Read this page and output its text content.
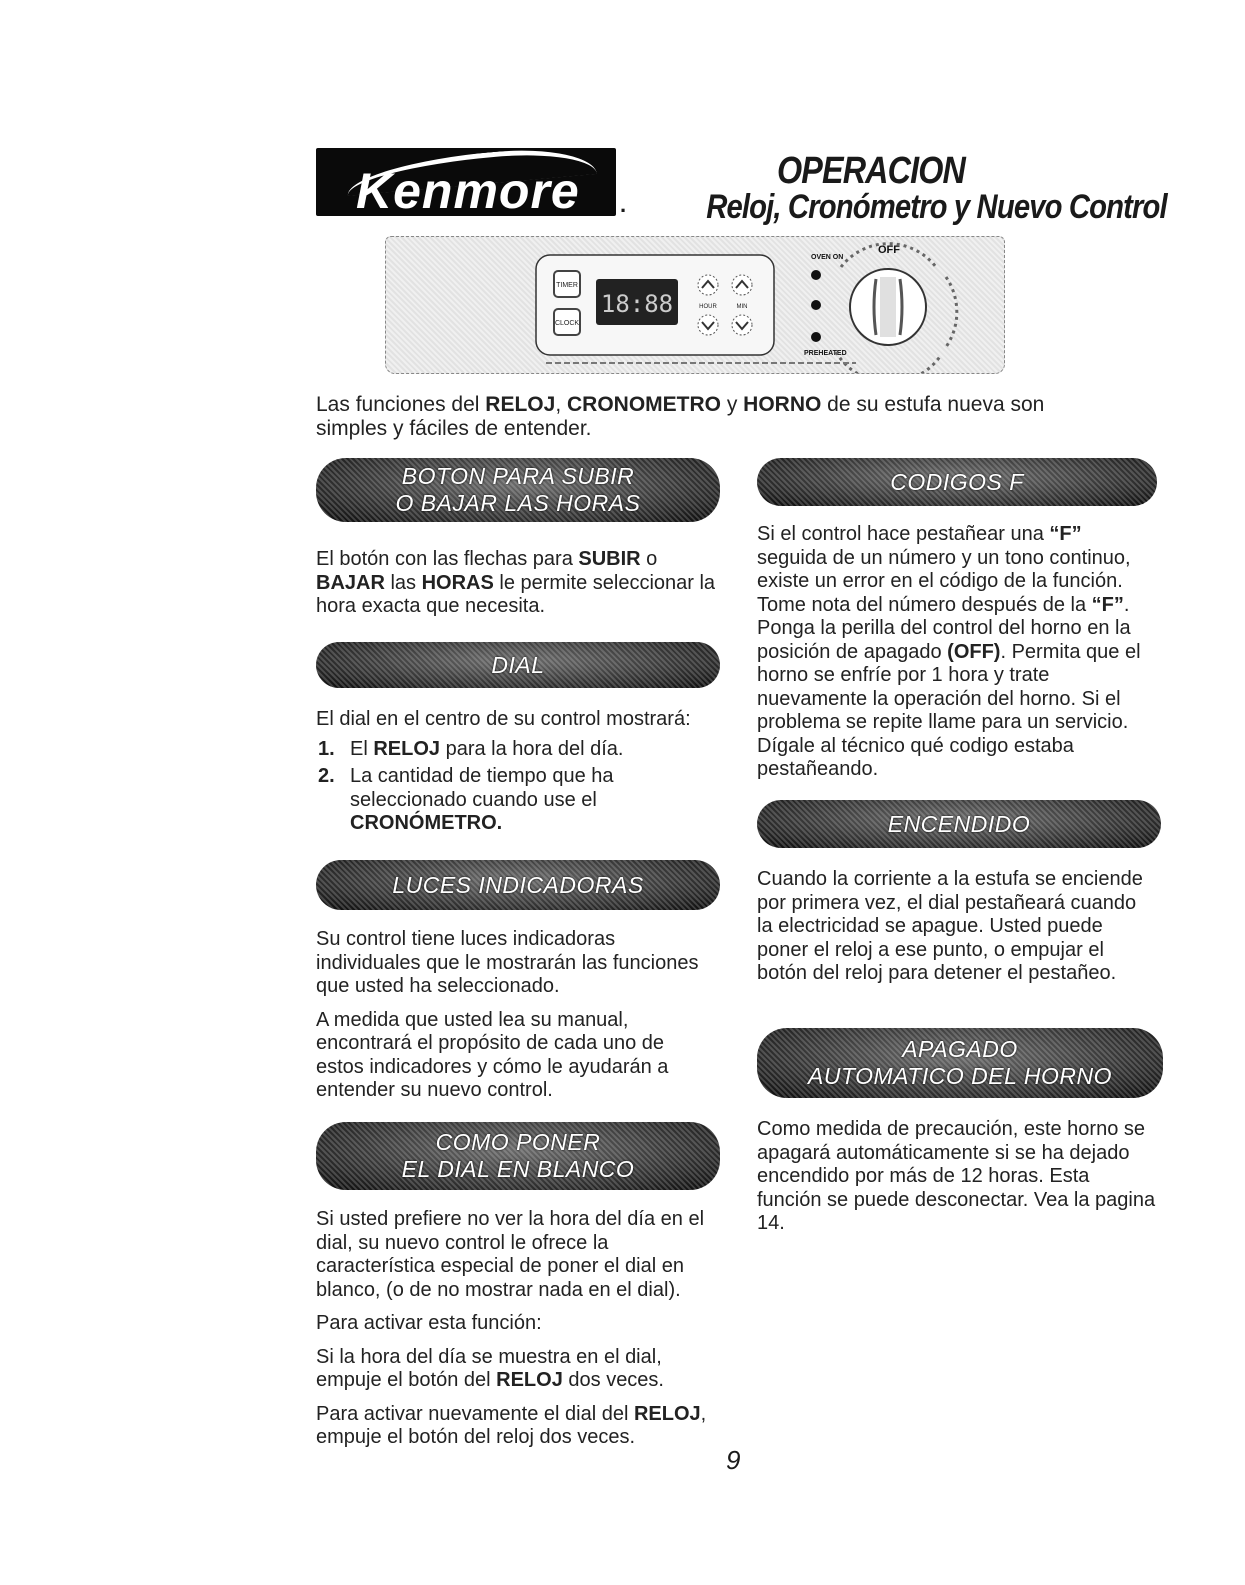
Kenmore .
OPERACION
Reloj, Cronómetro y Nuevo Control
TIMER
CLOCK
18:88	HOUR	MIN
OVEN ON
PREHEATED
OFF
Las funciones del RELOJ, CRONOMETRO y HORNO de su estufa nueva son simples y fáciles de entender.
BOTON PARA SUBIR
O BAJAR LAS HORAS
El botón con las flechas para SUBIR o BAJAR las HORAS le permite seleccionar la hora exacta que necesita.
DIAL
El dial en el centro de su control mostrará:
1. El RELOJ para la hora del día.
2. La cantidad de tiempo que ha seleccionado cuando use el CRONÓMETRO.
LUCES INDICADORAS
Su control tiene luces indicadoras individuales que le mostrarán las funciones que usted ha seleccionado.
A medida que usted lea su manual, encontrará el propósito de cada uno de estos indicadores y cómo le ayudarán a entender su nuevo control.
COMO PONER
EL DIAL EN BLANCO
Si usted prefiere no ver la hora del día en el dial, su nuevo control le ofrece la característica especial de poner el dial en blanco, (o de no mostrar nada en el dial).
Para activar esta función:
Si la hora del día se muestra en el dial, empuje el botón del RELOJ dos veces.
Para activar nuevamente el dial del RELOJ, empuje el botón del reloj dos veces.
CODIGOS F
Si el control hace pestañear una “F” seguida de un número y un tono continuo, existe un error en el código de la función. Tome nota del número después de la “F”. Ponga la perilla del control del horno en la posición de apagado (OFF). Permita que el horno se enfríe por 1 hora y trate nuevamente la operación del horno. Si el problema se repite llame para un servicio. Dígale al técnico qué codigo estaba pestañeando.
ENCENDIDO
Cuando la corriente a la estufa se enciende por primera vez, el dial pestañeará cuando la electricidad se apague. Usted puede poner el reloj a ese punto, o empujar el botón del reloj para detener el pestañeo.
APAGADO
AUTOMATICO DEL HORNO
Como medida de precaución, este horno se apagará automáticamente si se ha dejado encendido por más de 12 horas. Esta función se puede desconectar. Vea la pagina 14.
9
